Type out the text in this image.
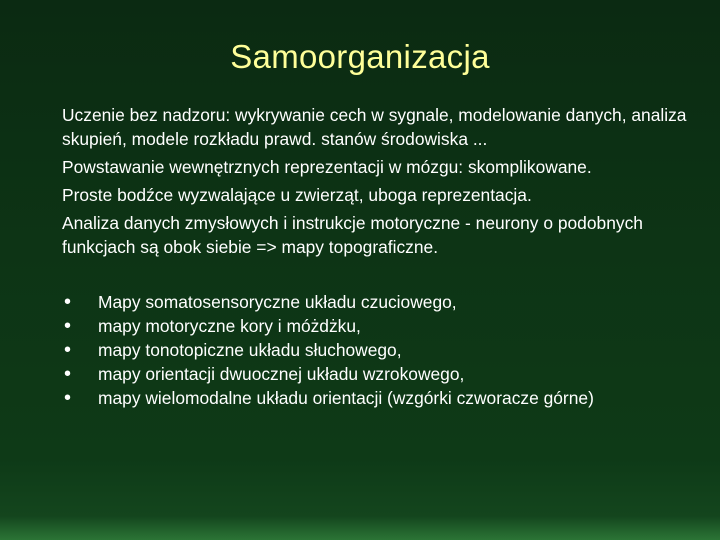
Samoorganizacja

Uczenie bez nadzoru: wykrywanie cech w sygnale, modelowanie danych, analiza skupień, modele rozkładu prawd. stanów środowiska ...

Powstawanie wewnętrznych reprezentacji w mózgu: skomplikowane.

Proste bodźce wyzwalające u zwierząt, uboga reprezentacja.

Analiza danych zmysłowych i instrukcje motoryczne - neurony o podobnych funkcjach są obok siebie => mapy topograficzne.

• Mapy somatosensoryczne układu czuciowego,
• mapy motoryczne kory i móżdżku,
• mapy tonotopiczne układu słuchowego,
• mapy orientacji dwuocznej układu wzrokowego,
• mapy wielomodalne układu orientacji (wzgórki czworacze górne)
